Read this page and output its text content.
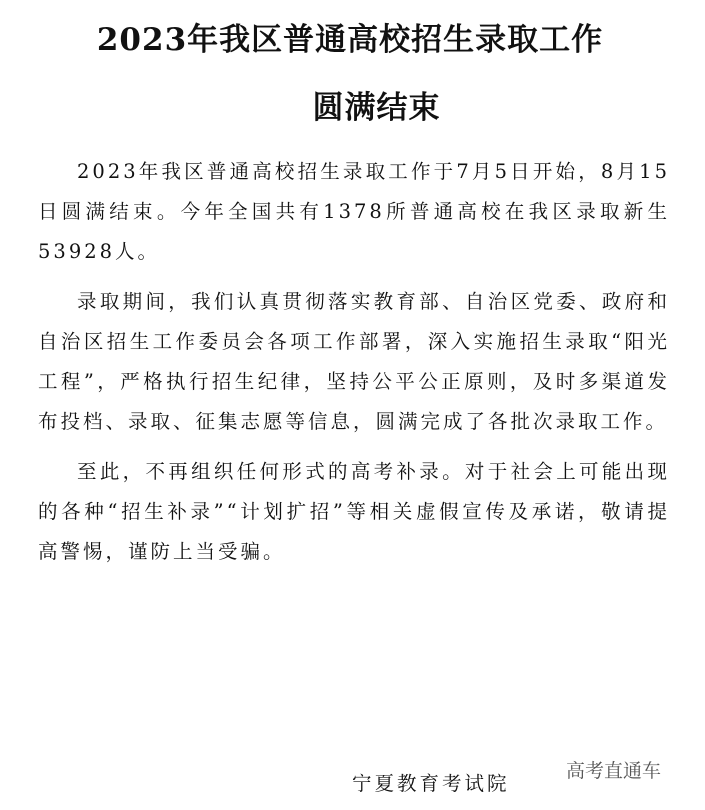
2023年我区普通高校招生录取工作
圆满结束

2023年我区普通高校招生录取工作于7月5日开始，8月15日圆满结束。今年全国共有1378所普通高校在我区录取新生53928人。

录取期间，我们认真贯彻落实教育部、自治区党委、政府和自治区招生工作委员会各项工作部署，深入实施招生录取“阳光工程”，严格执行招生纪律，坚持公平公正原则，及时多渠道发布投档、录取、征集志愿等信息，圆满完成了各批次录取工作。

至此，不再组织任何形式的高考补录。对于社会上可能出现的各种“招生补录”“计划扩招”等相关虚假宣传及承诺，敬请提高警惕，谨防上当受骗。

宁夏教育考试院
高考直通车
